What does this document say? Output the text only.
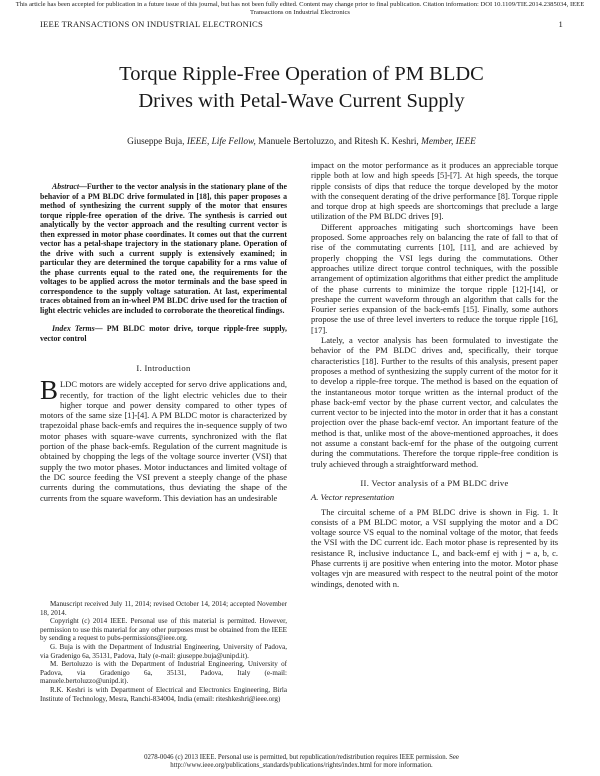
This article has been accepted for publication in a future issue of this journal, but has not been fully edited. Content may change prior to final publication. Citation information: DOI 10.1109/TIE.2014.2385034, IEEE Transactions on Industrial Electronics
IEEE TRANSACTIONS ON INDUSTRIAL ELECTRONICS	1
Torque Ripple-Free Operation of PM BLDC
Drives with Petal-Wave Current Supply
Giuseppe Buja, IEEE, Life Fellow, Manuele Bertoluzzo, and Ritesh K. Keshri, Member, IEEE

Abstract—Further to the vector analysis in the stationary plane of the behavior of a PM BLDC drive formulated in [18], this paper proposes a method of synthesizing the current supply of the motor that ensures torque ripple-free operation of the drive. The synthesis is carried out analytically by the vector approach and the resulting current vector is then expressed in motor phase coordinates. It comes out that the current vector has a petal-shape trajectory in the stationary plane. Operation of the drive with such a current supply is extensively examined; in particular they are determined the torque capability for a rms value of the phase currents equal to the rated one, the requirements for the voltages to be applied across the motor terminals and the base speed in correspondence to the supply voltage saturation. At last, experimental traces obtained from an in-wheel PM BLDC drive used for the traction of light electric vehicles are included to corroborate the theoretical findings.

Index Terms— PM BLDC motor drive, torque ripple-free supply, vector control

I. Introduction
B LDC motors are widely accepted for servo drive applications and, recently, for traction of the light electric vehicles due to their higher torque and power density compared to other types of motors of the same size [1]-[4]. A PM BLDC motor is characterized by trapezoidal phase back-emfs and requires the in-sequence supply of two motor phases with square-wave currents, synchronized with the flat portion of the phase back-emfs. Regulation of the current magnitude is obtained by chopping the legs of the voltage source inverter (VSI) that supply the two motor phases. Motor inductances and limited voltage of the DC source feeding the VSI prevent a steeply change of the phase currents during the commutations, thus deviating the shape of the currents from the square waveform. This deviation has an undesirable

impact on the motor performance as it produces an appreciable torque ripple both at low and high speeds [5]-[7]. At high speeds, the torque ripple consists of dips that reduce the torque developed by the motor with the consequent derating of the drive performance [8]. Torque ripple and torque drop at high speeds are shortcomings that preclude a large utilization of the PM BLDC drives [9].

Different approaches mitigating such shortcomings have been proposed. Some approaches rely on balancing the rate of fall to that of rise of the commutating currents [10], [11], and are achieved by properly chopping the VSI legs during the commutations. Other approaches utilize direct torque control techniques, with the possible arrangement of optimization algorithms that either predict the amplitude of the phase currents to minimize the torque ripple [12]-[14], or preshape the current waveform through an algorithm that calls for the Fourier series expansion of the back-emfs [15]. Finally, some authors propose the use of three level inverters to reduce the torque ripple [16], [17].

Lately, a vector analysis has been formulated to investigate the behavior of the PM BLDC drives and, specifically, their torque characteristics [18]. Further to the results of this analysis, present paper proposes a method of synthesizing the supply current of the motor for it to develop a ripple-free torque. The method is based on the equation of the instantaneous motor torque written as the internal product of the phase back-emf vector by the phase current vector, and calculates the current vector to be injected into the motor in order that it has a constant projection over the phase back-emf vector. An important feature of the method is that, unlike most of the above-mentioned approaches, it does not assume a constant back-emf for the phase of the outgoing current during the commutations. Therefore the torque ripple-free condition is truly achieved through a straightforward method.

II. Vector analysis of a PM BLDC drive
A. Vector representation

The circuital scheme of a PM BLDC drive is shown in Fig. 1. It consists of a PM BLDC motor, a VSI supplying the motor and a DC voltage source VS equal to the nominal voltage of the motor, that feeds the VSI with the DC current idc. Each motor phase is represented by its resistance R, inclusive inductance L, and back-emf ej with j = a, b, c. Phase currents ij are positive when entering into the motor. Motor phase voltages vjn are measured with respect to the neutral point of the motor windings, denoted with n.

Manuscript received July 11, 2014; revised October 14, 2014; accepted November 18, 2014.

Copyright (c) 2014 IEEE. Personal use of this material is permitted. However, permission to use this material for any other purposes must be obtained from the IEEE by sending a request to pubs-permissions@ieee.org.

G. Buja is with the Department of Industrial Engineering, University of Padova, via Gradenigo 6a, 35131, Padova, Italy (e-mail: giuseppe.buja@unipd.it).

M. Bertoluzzo is with the Department of Industrial Engineering, University of Padova, via Gradenigo 6a, 35131, Padova, Italy (e-mail: manuele.bertoluzzo@unipd.it).

R.K. Keshri is with Department of Electrical and Electronics Engineering, Birla Institute of Technology, Mesra, Ranchi-834004, India (email: riteshkeshri@ieee.org)

0278-0046 (c) 2013 IEEE. Personal use is permitted, but republication/redistribution requires IEEE permission. See
http://www.ieee.org/publications_standards/publications/rights/index.html for more information.
